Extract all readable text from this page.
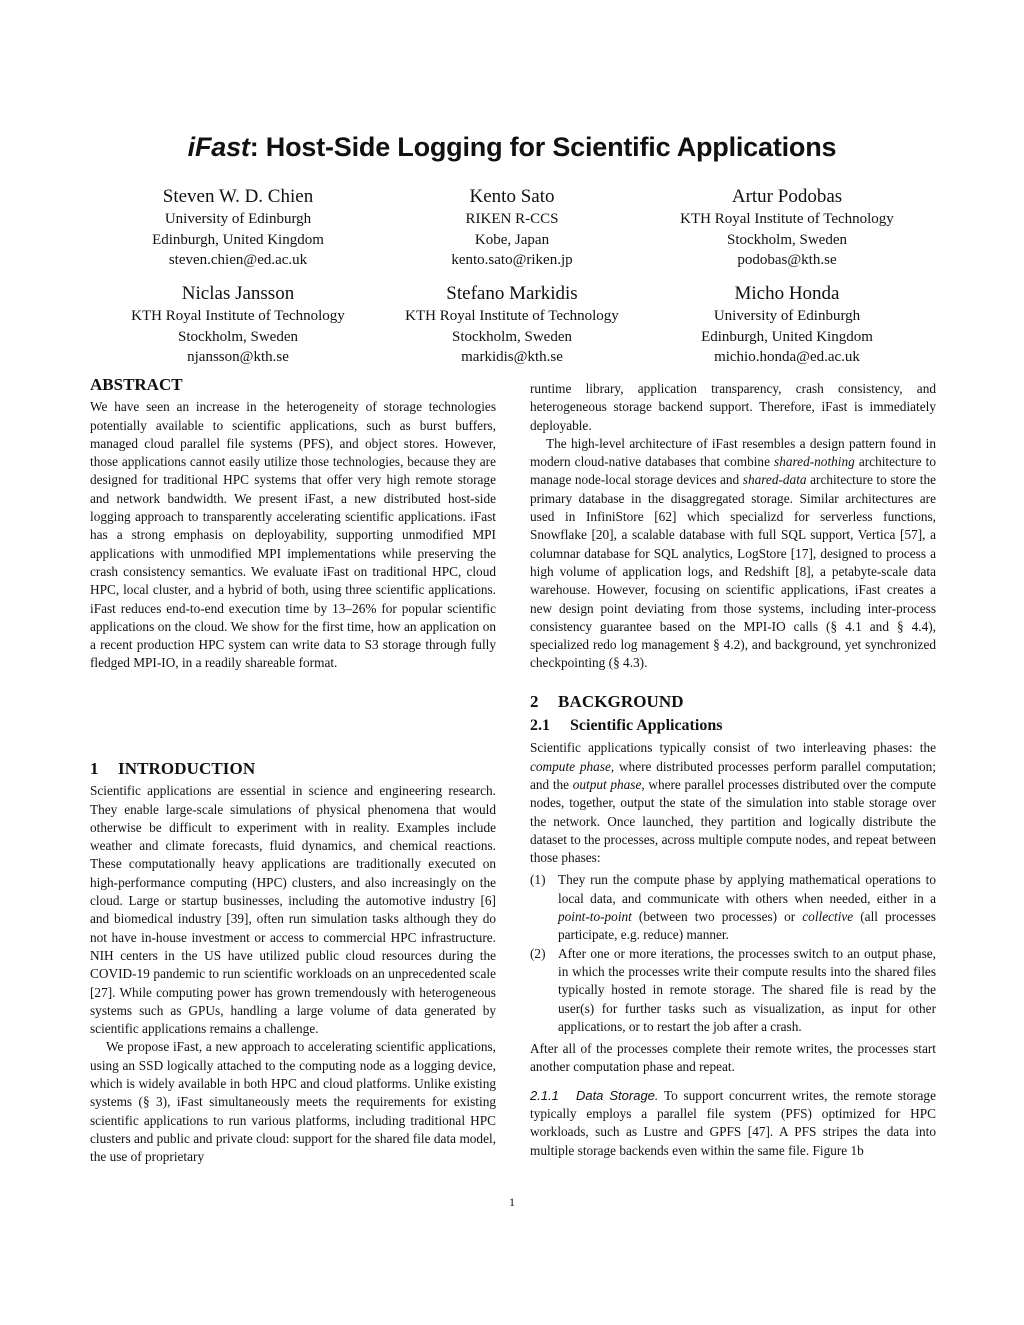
iFast: Host-Side Logging for Scientific Applications
Steven W. D. Chien
University of Edinburgh
Edinburgh, United Kingdom
steven.chien@ed.ac.uk
Kento Sato
RIKEN R-CCS
Kobe, Japan
kento.sato@riken.jp
Artur Podobas
KTH Royal Institute of Technology
Stockholm, Sweden
podobas@kth.se
Niclas Jansson
KTH Royal Institute of Technology
Stockholm, Sweden
njansson@kth.se
Stefano Markidis
KTH Royal Institute of Technology
Stockholm, Sweden
markidis@kth.se
Micho Honda
University of Edinburgh
Edinburgh, United Kingdom
michio.honda@ed.ac.uk
ABSTRACT

We have seen an increase in the heterogeneity of storage technologies potentially available to scientific applications, such as burst buffers, managed cloud parallel file systems (PFS), and object stores. However, those applications cannot easily utilize those technologies, because they are designed for traditional HPC systems that offer very high remote storage and network bandwidth. We present iFast, a new distributed host-side logging approach to transparently accelerating scientific applications. iFast has a strong emphasis on deployability, supporting unmodified MPI applications with unmodified MPI implementations while preserving the crash consistency semantics. We evaluate iFast on traditional HPC, cloud HPC, local cluster, and a hybrid of both, using three scientific applications. iFast reduces end-to-end execution time by 13–26% for popular scientific applications on the cloud. We show for the first time, how an application on a recent production HPC system can write data to S3 storage through fully fledged MPI-IO, in a readily shareable format.

1 INTRODUCTION

Scientific applications are essential in science and engineering research. They enable large-scale simulations of physical phenomena that would otherwise be difficult to experiment with in reality. Examples include weather and climate forecasts, fluid dynamics, and chemical reactions. These computationally heavy applications are traditionally executed on high-performance computing (HPC) clusters, and also increasingly on the cloud. Large or startup businesses, including the automotive industry [6] and biomedical industry [39], often run simulation tasks although they do not have in-house investment or access to commercial HPC infrastructure. NIH centers in the US have utilized public cloud resources during the COVID-19 pandemic to run scientific workloads on an unprecedented scale [27]. While computing power has grown tremendously with heterogeneous systems such as GPUs, handling a large volume of data generated by scientific applications remains a challenge.

We propose iFast, a new approach to accelerating scientific applications, using an SSD logically attached to the computing node as a logging device, which is widely available in both HPC and cloud platforms. Unlike existing systems (§ 3), iFast simultaneously meets the requirements for existing scientific applications to run various platforms, including traditional HPC clusters and public and private cloud: support for the shared file data model, the use of proprietary

runtime library, application transparency, crash consistency, and heterogeneous storage backend support. Therefore, iFast is immediately deployable.

The high-level architecture of iFast resembles a design pattern found in modern cloud-native databases that combine shared-nothing architecture to manage node-local storage devices and shared-data architecture to store the primary database in the disaggregated storage. Similar architectures are used in InfiniStore [62] which specializd for serverless functions, Snowflake [20], a scalable database with full SQL support, Vertica [57], a columnar database for SQL analytics, LogStore [17], designed to process a high volume of application logs, and Redshift [8], a petabyte-scale data warehouse. However, focusing on scientific applications, iFast creates a new design point deviating from those systems, including inter-process consistency guarantee based on the MPI-IO calls (§ 4.1 and § 4.4), specialized redo log management § 4.2), and background, yet synchronized checkpointing (§ 4.3).

2 BACKGROUND
2.1 Scientific Applications

Scientific applications typically consist of two interleaving phases: the compute phase, where distributed processes perform parallel computation; and the output phase, where parallel processes distributed over the compute nodes, together, output the state of the simulation into stable storage over the network. Once launched, they partition and logically distribute the dataset to the processes, across multiple compute nodes, and repeat between those phases:

(1) They run the compute phase by applying mathematical operations to local data, and communicate with others when needed, either in a point-to-point (between two processes) or collective (all processes participate, e.g. reduce) manner.
(2) After one or more iterations, the processes switch to an output phase, in which the processes write their compute results into the shared files typically hosted in remote storage. The shared file is read by the user(s) for further tasks such as visualization, as input for other applications, or to restart the job after a crash.

After all of the processes complete their remote writes, the processes start another computation phase and repeat.

2.1.1 Data Storage. To support concurrent writes, the remote storage typically employs a parallel file system (PFS) optimized for HPC workloads, such as Lustre and GPFS [47]. A PFS stripes the data into multiple storage backends even within the same file. Figure 1b

1
